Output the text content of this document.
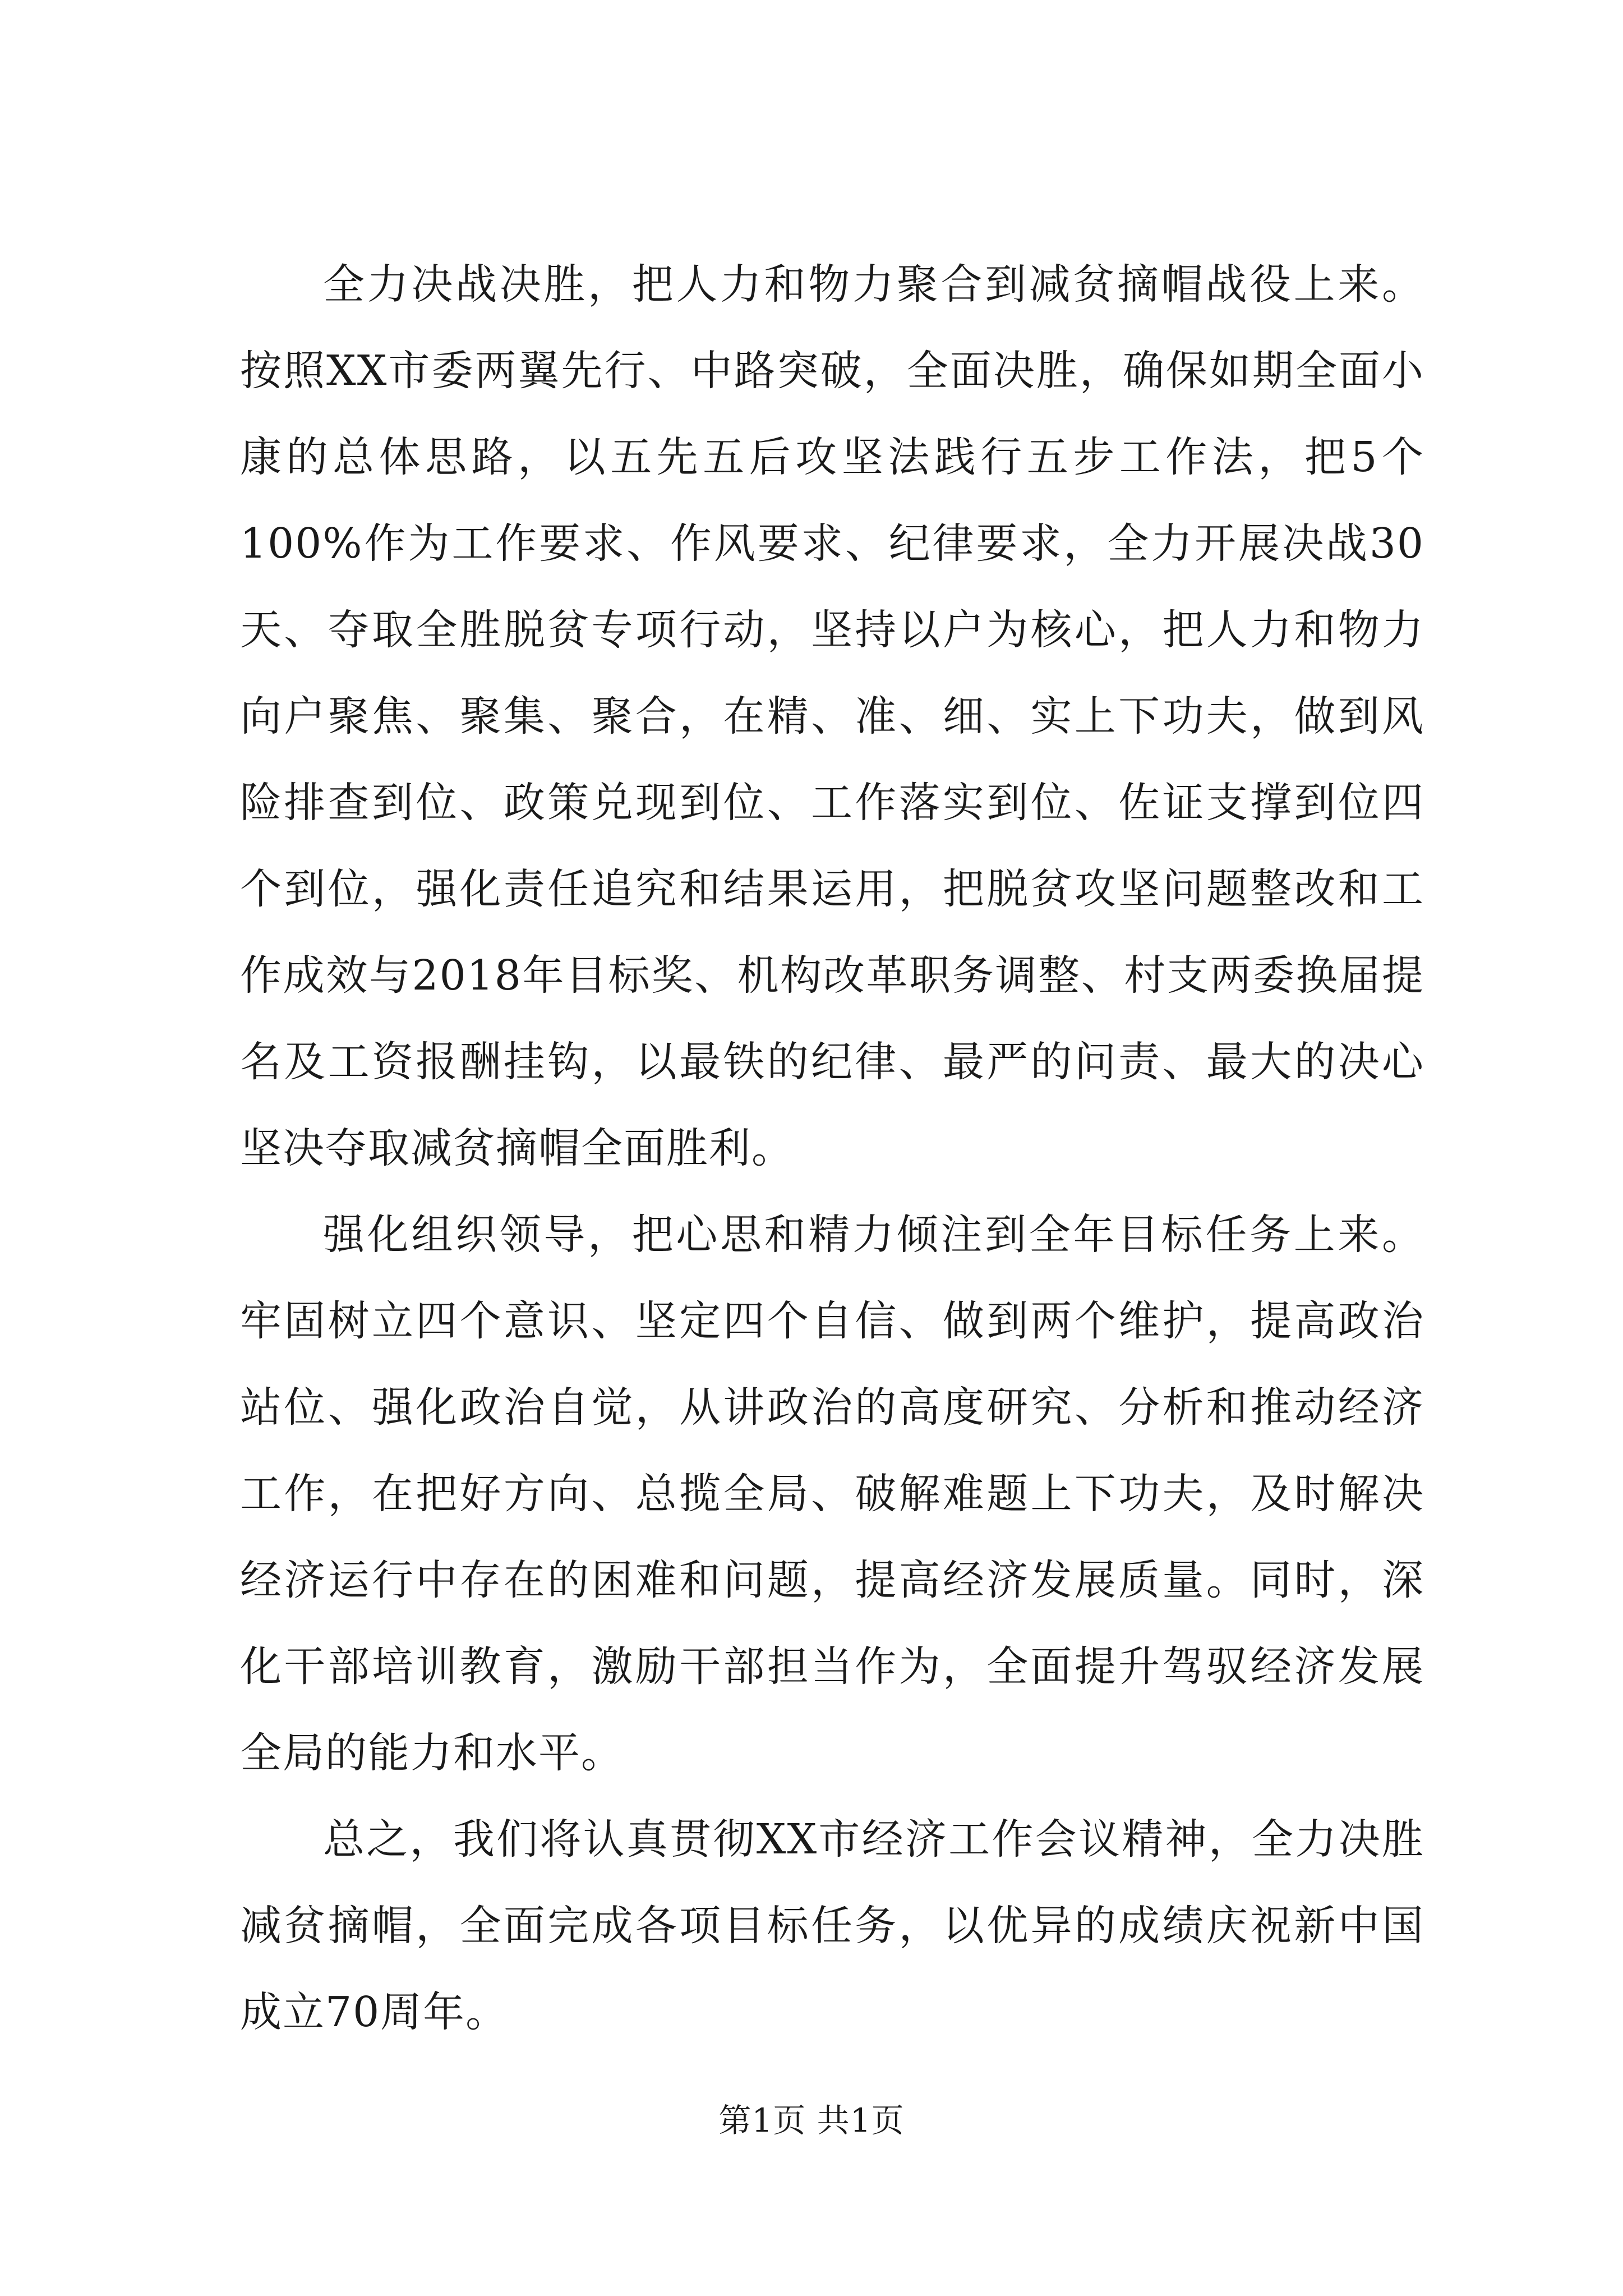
全力决战决胜，把人力和物力聚合到减贫摘帽战役上来。按照XX市委两翼先行、中路突破，全面决胜，确保如期全面小康的总体思路，以五先五后攻坚法践行五步工作法，把5个100%作为工作要求、作风要求、纪律要求，全力开展决战30天、夺取全胜脱贫专项行动，坚持以户为核心，把人力和物力向户聚焦、聚集、聚合，在精、准、细、实上下功夫，做到风险排查到位、政策兑现到位、工作落实到位、佐证支撑到位四个到位，强化责任追究和结果运用，把脱贫攻坚问题整改和工作成效与2018年目标奖、机构改革职务调整、村支两委换届提名及工资报酬挂钩，以最铁的纪律、最严的问责、最大的决心坚决夺取减贫摘帽全面胜利。

强化组织领导，把心思和精力倾注到全年目标任务上来。牢固树立四个意识、坚定四个自信、做到两个维护，提高政治站位、强化政治自觉，从讲政治的高度研究、分析和推动经济工作，在把好方向、总揽全局、破解难题上下功夫，及时解决经济运行中存在的困难和问题，提高经济发展质量。同时，深化干部培训教育，激励干部担当作为，全面提升驾驭经济发展全局的能力和水平。

总之，我们将认真贯彻XX市经济工作会议精神，全力决胜减贫摘帽，全面完成各项目标任务，以优异的成绩庆祝新中国成立70周年。

第1页 共1页
